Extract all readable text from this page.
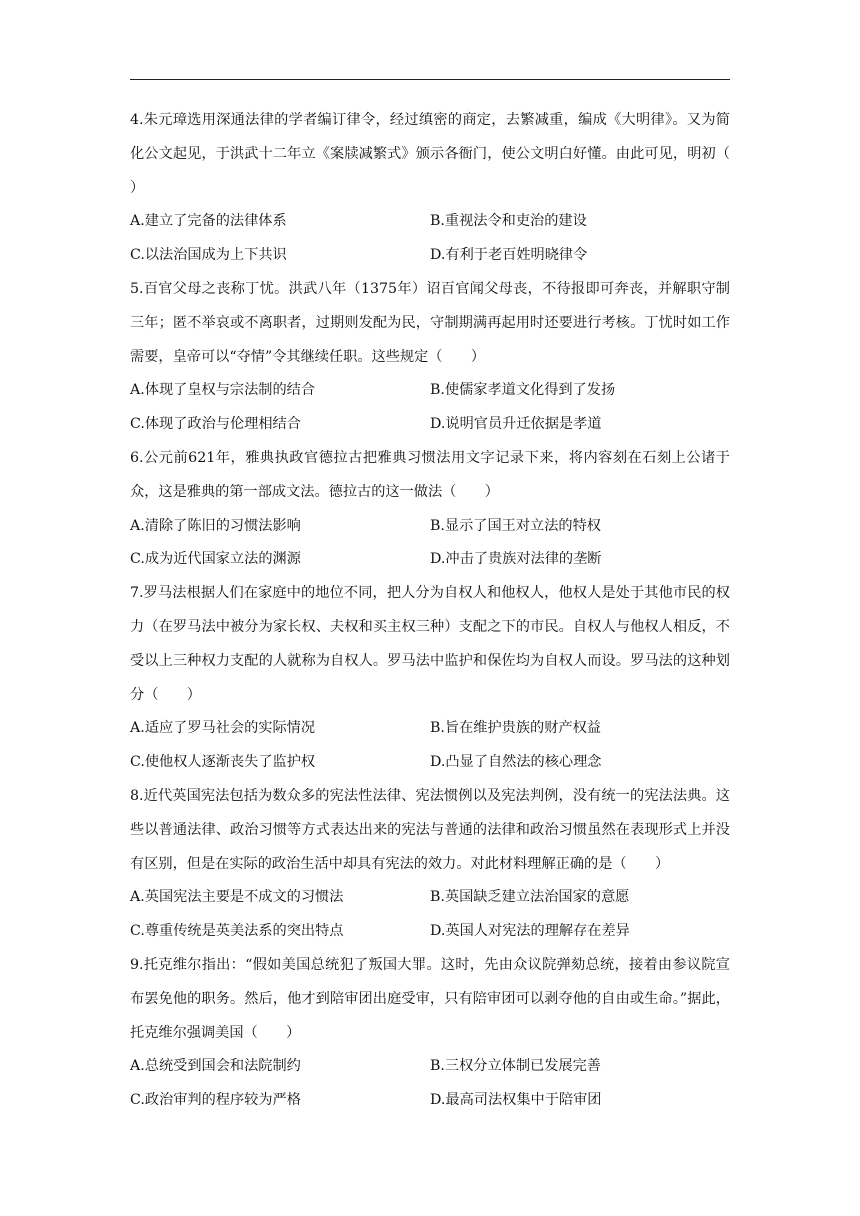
4.朱元璋选用深通法律的学者编订律令，经过缜密的商定，去繁减重，编成《大明律》。又为简化公文起见，于洪武十二年立《案牍减繁式》颁示各衙门，使公文明白好懂。由此可见，明初（　　）

A.建立了完备的法律体系	B.重视法令和吏治的建设
C.以法治国成为上下共识	D.有利于老百姓明晓律令

5.百官父母之丧称丁忧。洪武八年（1375年）诏百官闻父母丧，不待报即可奔丧，并解职守制三年；匿不举哀或不离职者，过期则发配为民，守制期满再起用时还要进行考核。丁忧时如工作需要，皇帝可以“夺情”令其继续任职。这些规定（　　）

A.体现了皇权与宗法制的结合	B.使儒家孝道文化得到了发扬
C.体现了政治与伦理相结合	D.说明官员升迁依据是孝道

6.公元前621年，雅典执政官德拉古把雅典习惯法用文字记录下来，将内容刻在石刻上公诸于众，这是雅典的第一部成文法。德拉古的这一做法（　　）

A.清除了陈旧的习惯法影响	B.显示了国王对立法的特权
C.成为近代国家立法的渊源	D.冲击了贵族对法律的垄断

7.罗马法根据人们在家庭中的地位不同，把人分为自权人和他权人，他权人是处于其他市民的权力（在罗马法中被分为家长权、夫权和买主权三种）支配之下的市民。自权人与他权人相反，不受以上三种权力支配的人就称为自权人。罗马法中监护和保佐均为自权人而设。罗马法的这种划分（　　）

A.适应了罗马社会的实际情况	B.旨在维护贵族的财产权益
C.使他权人逐渐丧失了监护权	D.凸显了自然法的核心理念

8.近代英国宪法包括为数众多的宪法性法律、宪法惯例以及宪法判例，没有统一的宪法法典。这些以普通法律、政治习惯等方式表达出来的宪法与普通的法律和政治习惯虽然在表现形式上并没有区别，但是在实际的政治生活中却具有宪法的效力。对此材料理解正确的是（　　）

A.英国宪法主要是不成文的习惯法	B.英国缺乏建立法治国家的意愿
C.尊重传统是英美法系的突出特点	D.英国人对宪法的理解存在差异

9.托克维尔指出：“假如美国总统犯了叛国大罪。这时，先由众议院弹劾总统，接着由参议院宣布罢免他的职务。然后，他才到陪审团出庭受审，只有陪审团可以剥夺他的自由或生命。”据此，托克维尔强调美国（　　）

A.总统受到国会和法院制约	B.三权分立体制已发展完善
C.政治审判的程序较为严格	D.最高司法权集中于陪审团
